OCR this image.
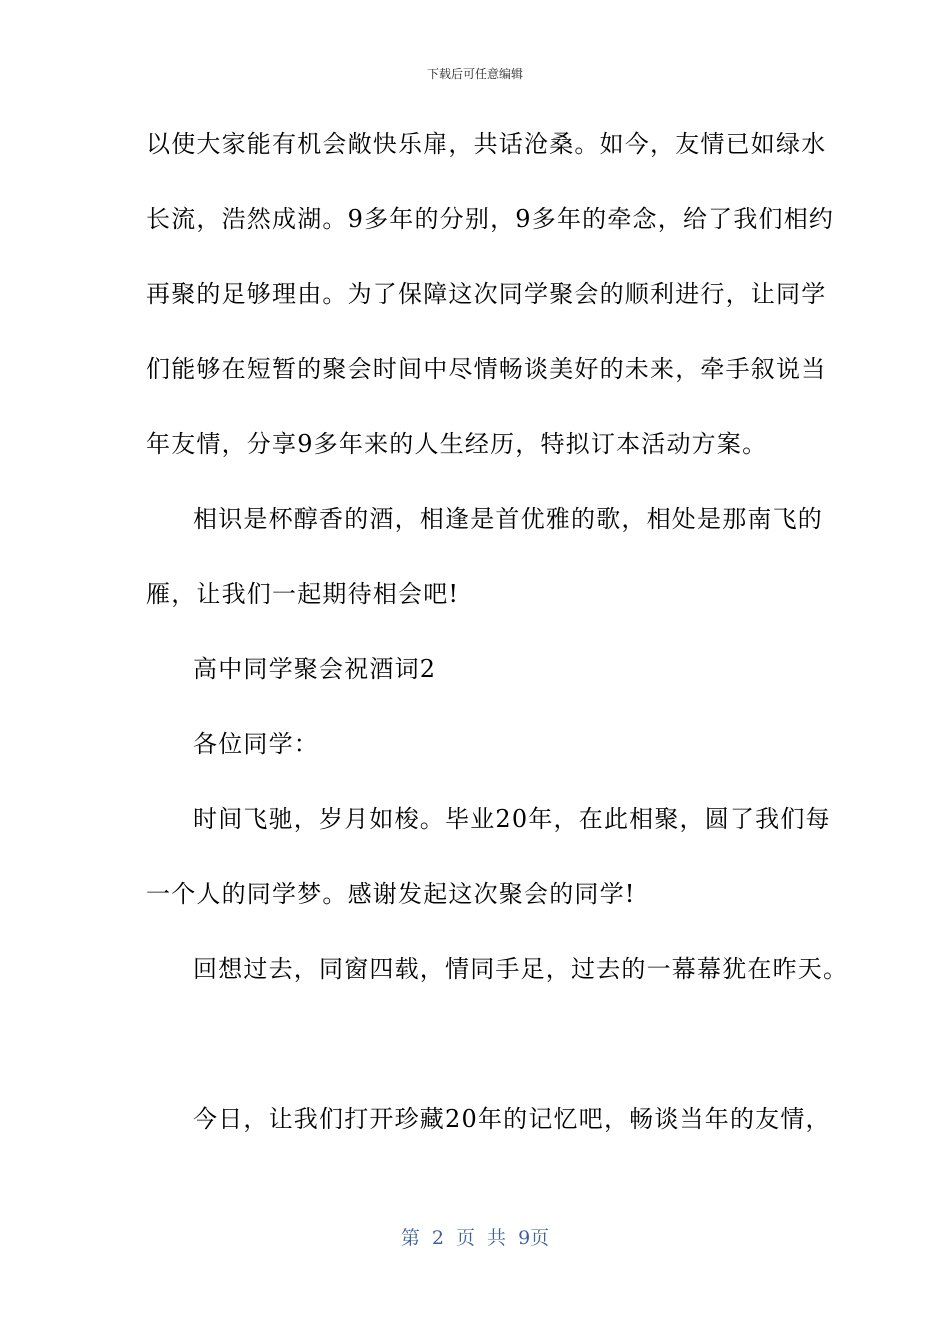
下载后可任意编辑
以使大家能有机会敞快乐扉，共话沧桑。如今，友情已如绿水
长流，浩然成湖。9多年的分别，9多年的牵念，给了我们相约
再聚的足够理由。为了保障这次同学聚会的顺利进行，让同学
们能够在短暂的聚会时间中尽情畅谈美好的未来，牵手叙说当
年友情，分享9多年来的人生经历，特拟订本活动方案。
相识是杯醇香的酒，相逢是首优雅的歌，相处是那南飞的
雁，让我们一起期待相会吧!
高中同学聚会祝酒词2
各位同学：
时间飞驰，岁月如梭。毕业20年，在此相聚，圆了我们每
一个人的同学梦。感谢发起这次聚会的同学!
回想过去，同窗四载，情同手足，过去的一幕幕犹在昨天。
今日，让我们打开珍藏20年的记忆吧，畅谈当年的友情，
第 2 页 共 9页
